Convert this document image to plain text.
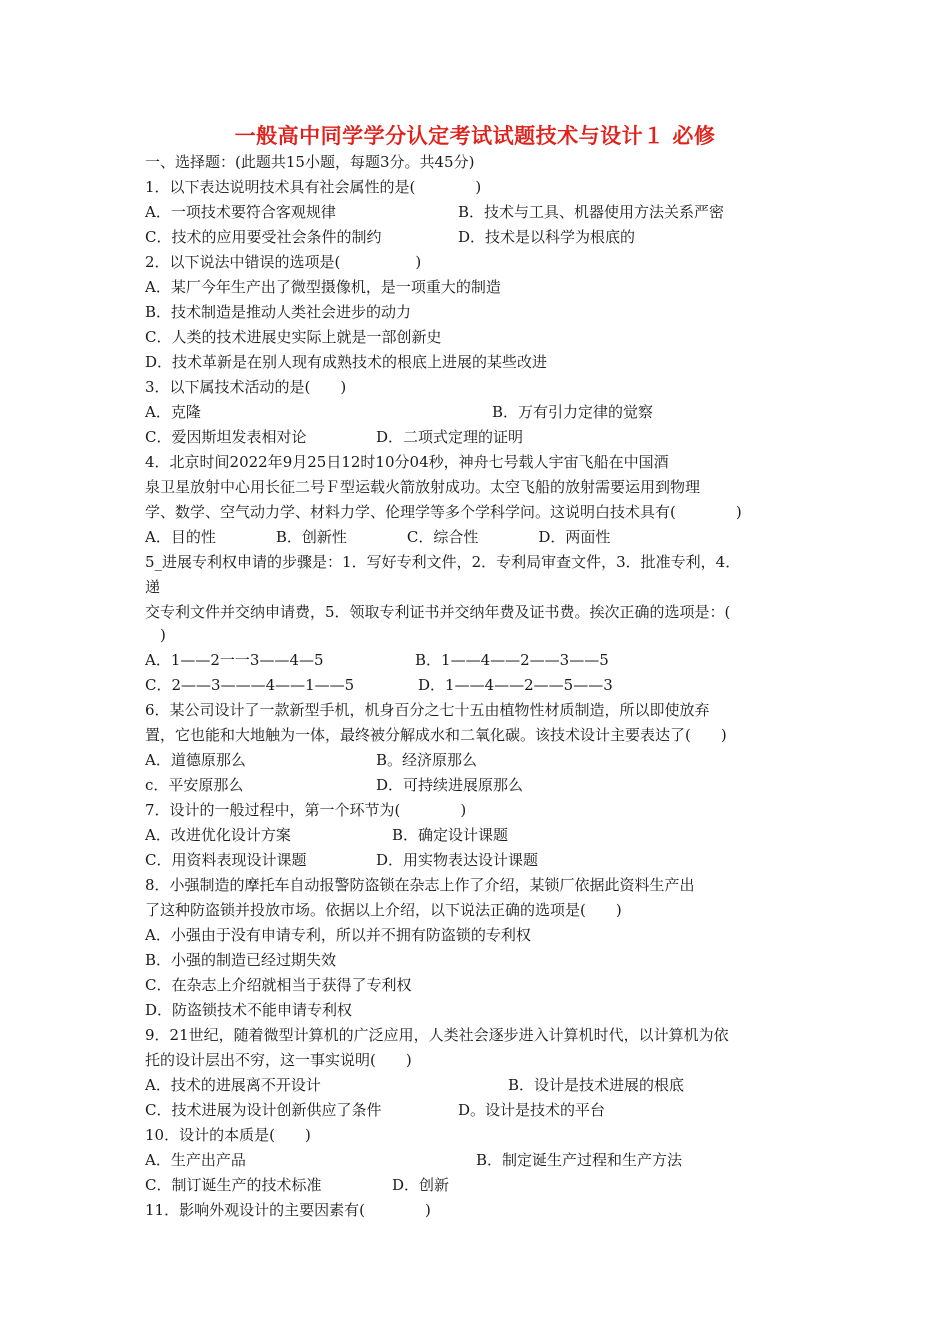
一般高中同学学分认定考试试题技术与设计１ 必修
一、选择题：(此题共15小题，每题3分。共45分)
1．以下表达说明技术具有社会属性的是(　　　　)
A．一项技术要符合客观规律	B．技术与工具、机器使用方法关系严密
C．技术的应用要受社会条件的制约	D．技术是以科学为根底的
2．以下说法中错误的选项是(　　　　　)
A．某厂今年生产出了微型摄像机，是一项重大的制造
B．技术制造是推动人类社会进步的动力
C．人类的技术进展史实际上就是一部创新史
D．技术革新是在别人现有成熟技术的根底上进展的某些改进
3．以下属技术活动的是(　　)
A．克隆	B．万有引力定律的觉察
C．爱因斯坦发表相对论	D．二项式定理的证明
4．北京时间2022年9月25日12时10分04秒，神舟七号载人宇宙飞船在中国酒
泉卫星放射中心用长征二号Ｆ型运载火箭放射成功。太空飞船的放射需要运用到物理
学、数学、空气动力学、材料力学、伦理学等多个学科学问。这说明白技术具有(　　　　)
A．目的性　　　　B．创新性　　　　C．综合性　　　　D．两面性
5_进展专利权申请的步骤是：1．写好专利文件，2．专利局审查文件，3．批准专利，4．
递
交专利文件并交纳申请费，5．领取专利证书并交纳年费及证书费。挨次正确的选项是：(
　)
A．1——2一一3——4—5	B．1——4——2——3——5
C．2——3———4——1——5	D．1——4——2——5——3
6．某公司设计了一款新型手机，机身百分之七十五由植物性材质制造，所以即使放弃
置，它也能和大地触为一体，最终被分解成水和二氧化碳。该技术设计主要表达了(　　)
A．道德原那么	B。经济原那么
c．平安原那么	D．可持续进展原那么
7．设计的一般过程中，第一个环节为(　　　　)
A．改进优化设计方案	B．确定设计课题
C．用资料表现设计课题	D．用实物表达设计课题
8．小强制造的摩托车自动报警防盗锁在杂志上作了介绍，某锁厂依据此资料生产出
了这种防盗锁并投放市场。依据以上介绍，以下说法正确的选项是(　　)
A．小强由于没有申请专利，所以并不拥有防盗锁的专利权
B．小强的制造已经过期失效
C．在杂志上介绍就相当于获得了专利权
D．防盗锁技术不能申请专利权
9．21世纪，随着微型计算机的广泛应用，人类社会逐步进入计算机时代，以计算机为依
托的设计层出不穷，这一事实说明(　　)
A．技术的进展离不开设计	B．设计是技术进展的根底
C．技术进展为设计创新供应了条件	D。设计是技术的平台
10．设计的本质是(　　)
A．生产出产品	B．制定诞生产过程和生产方法
C．制订诞生产的技术标准	D．创新
11．影响外观设计的主要因素有(　　　　)
